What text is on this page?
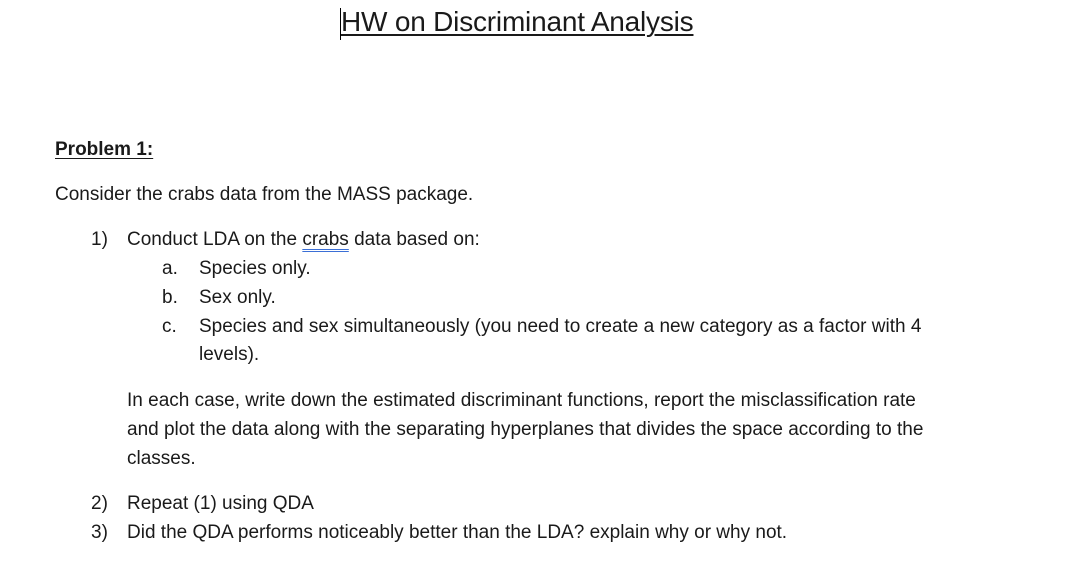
HW on Discriminant Analysis
Problem 1:
Consider the crabs data from the MASS package.
1) Conduct LDA on the crabs data based on:
a. Species only.
b. Sex only.
c. Species and sex simultaneously (you need to create a new category as a factor with 4
levels).
In each case, write down the estimated discriminant functions, report the misclassification rate
and plot the data along with the separating hyperplanes that divides the space according to the
classes.
2) Repeat (1) using QDA
3) Did the QDA performs noticeably better than the LDA? explain why or why not.
